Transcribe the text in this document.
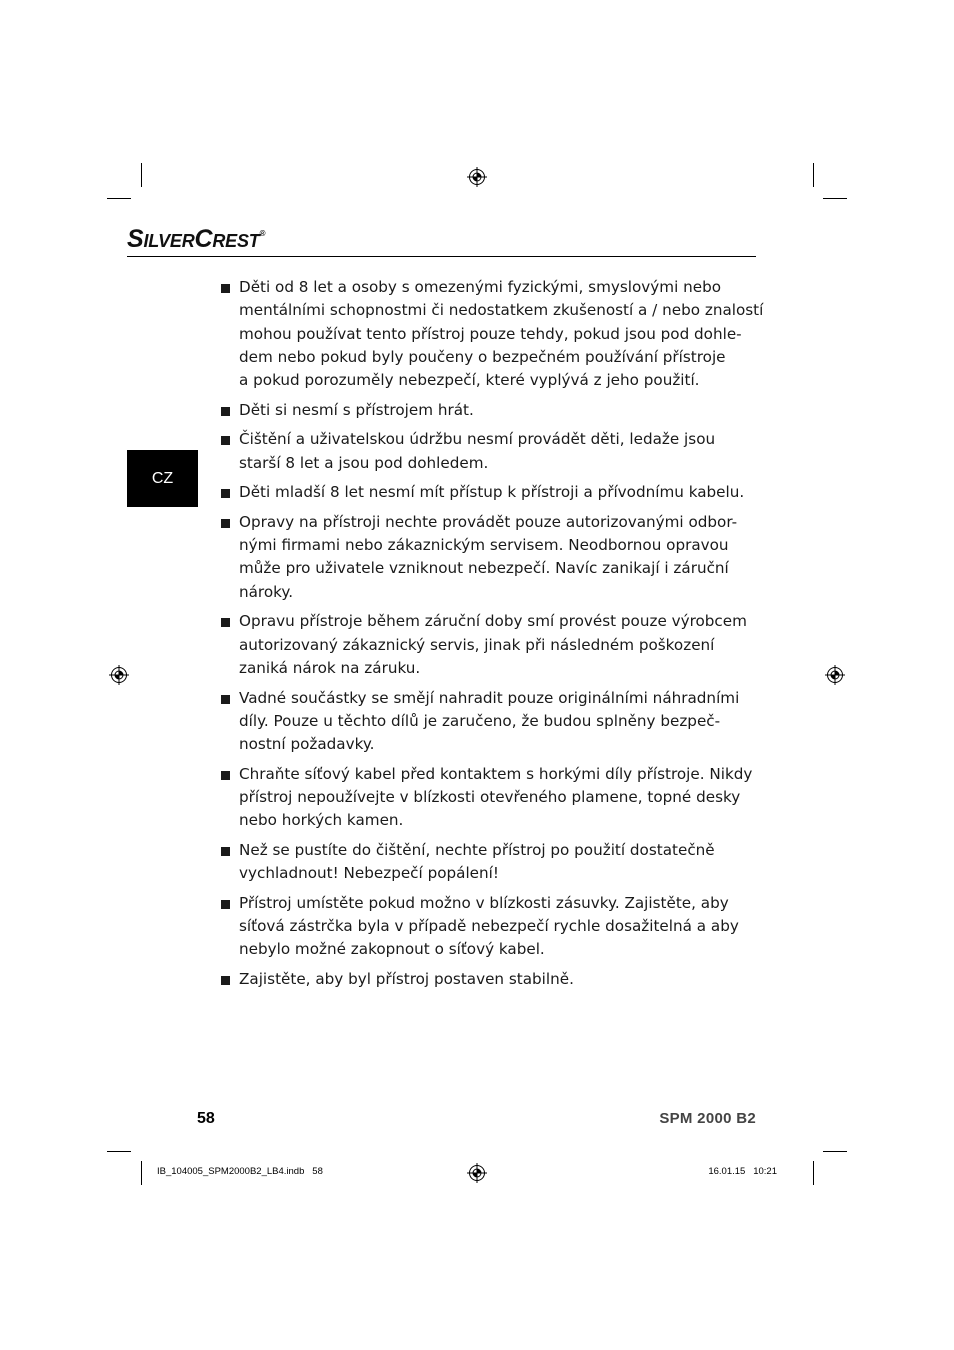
SILVERCREST®
CZ
Děti od 8 let a osoby s omezenými fyzickými, smyslovými nebo
mentálními schopnostmi či nedostatkem zkušeností a / nebo znalostí
mohou používat tento přístroj pouze tehdy, pokud jsou pod dohle-
dem nebo pokud byly poučeny o bezpečném používání přístroje
a pokud porozuměly nebezpečí, které vyplývá z jeho použití.
Děti si nesmí s přístrojem hrát.
Čištění a uživatelskou údržbu nesmí provádět děti, ledaže jsou
starší 8 let a jsou pod dohledem.
Děti mladší 8 let nesmí mít přístup k přístroji a přívodnímu kabelu.
Opravy na přístroji nechte provádět pouze autorizovanými odbor-
nými firmami nebo zákaznickým servisem. Neodbornou opravou
může pro uživatele vzniknout nebezpečí. Navíc zanikají i záruční
nároky.
Opravu přístroje během záruční doby smí provést pouze výrobcem
autorizovaný zákaznický servis, jinak při následném poškození
zaniká nárok na záruku.
Vadné součástky se smějí nahradit pouze originálními náhradními
díly. Pouze u těchto dílů je zaručeno, že budou splněny bezpeč-
nostní požadavky.
Chraňte síťový kabel před kontaktem s horkými díly přístroje. Nikdy
přístroj nepoužívejte v blízkosti otevřeného plamene, topné desky
nebo horkých kamen.
Než se pustíte do čištění, nechte přístroj po použití dostatečně
vychladnout! Nebezpečí popálení!
Přístroj umístěte pokud možno v blízkosti zásuvky. Zajistěte, aby
síťová zástrčka byla v případě nebezpečí rychle dosažitelná a aby
nebylo možné zakopnout o síťový kabel.
Zajistěte, aby byl přístroj postaven stabilně.
58	SPM 2000 B2
IB_104005_SPM2000B2_LB4.indb   58	16.01.15   10:21
